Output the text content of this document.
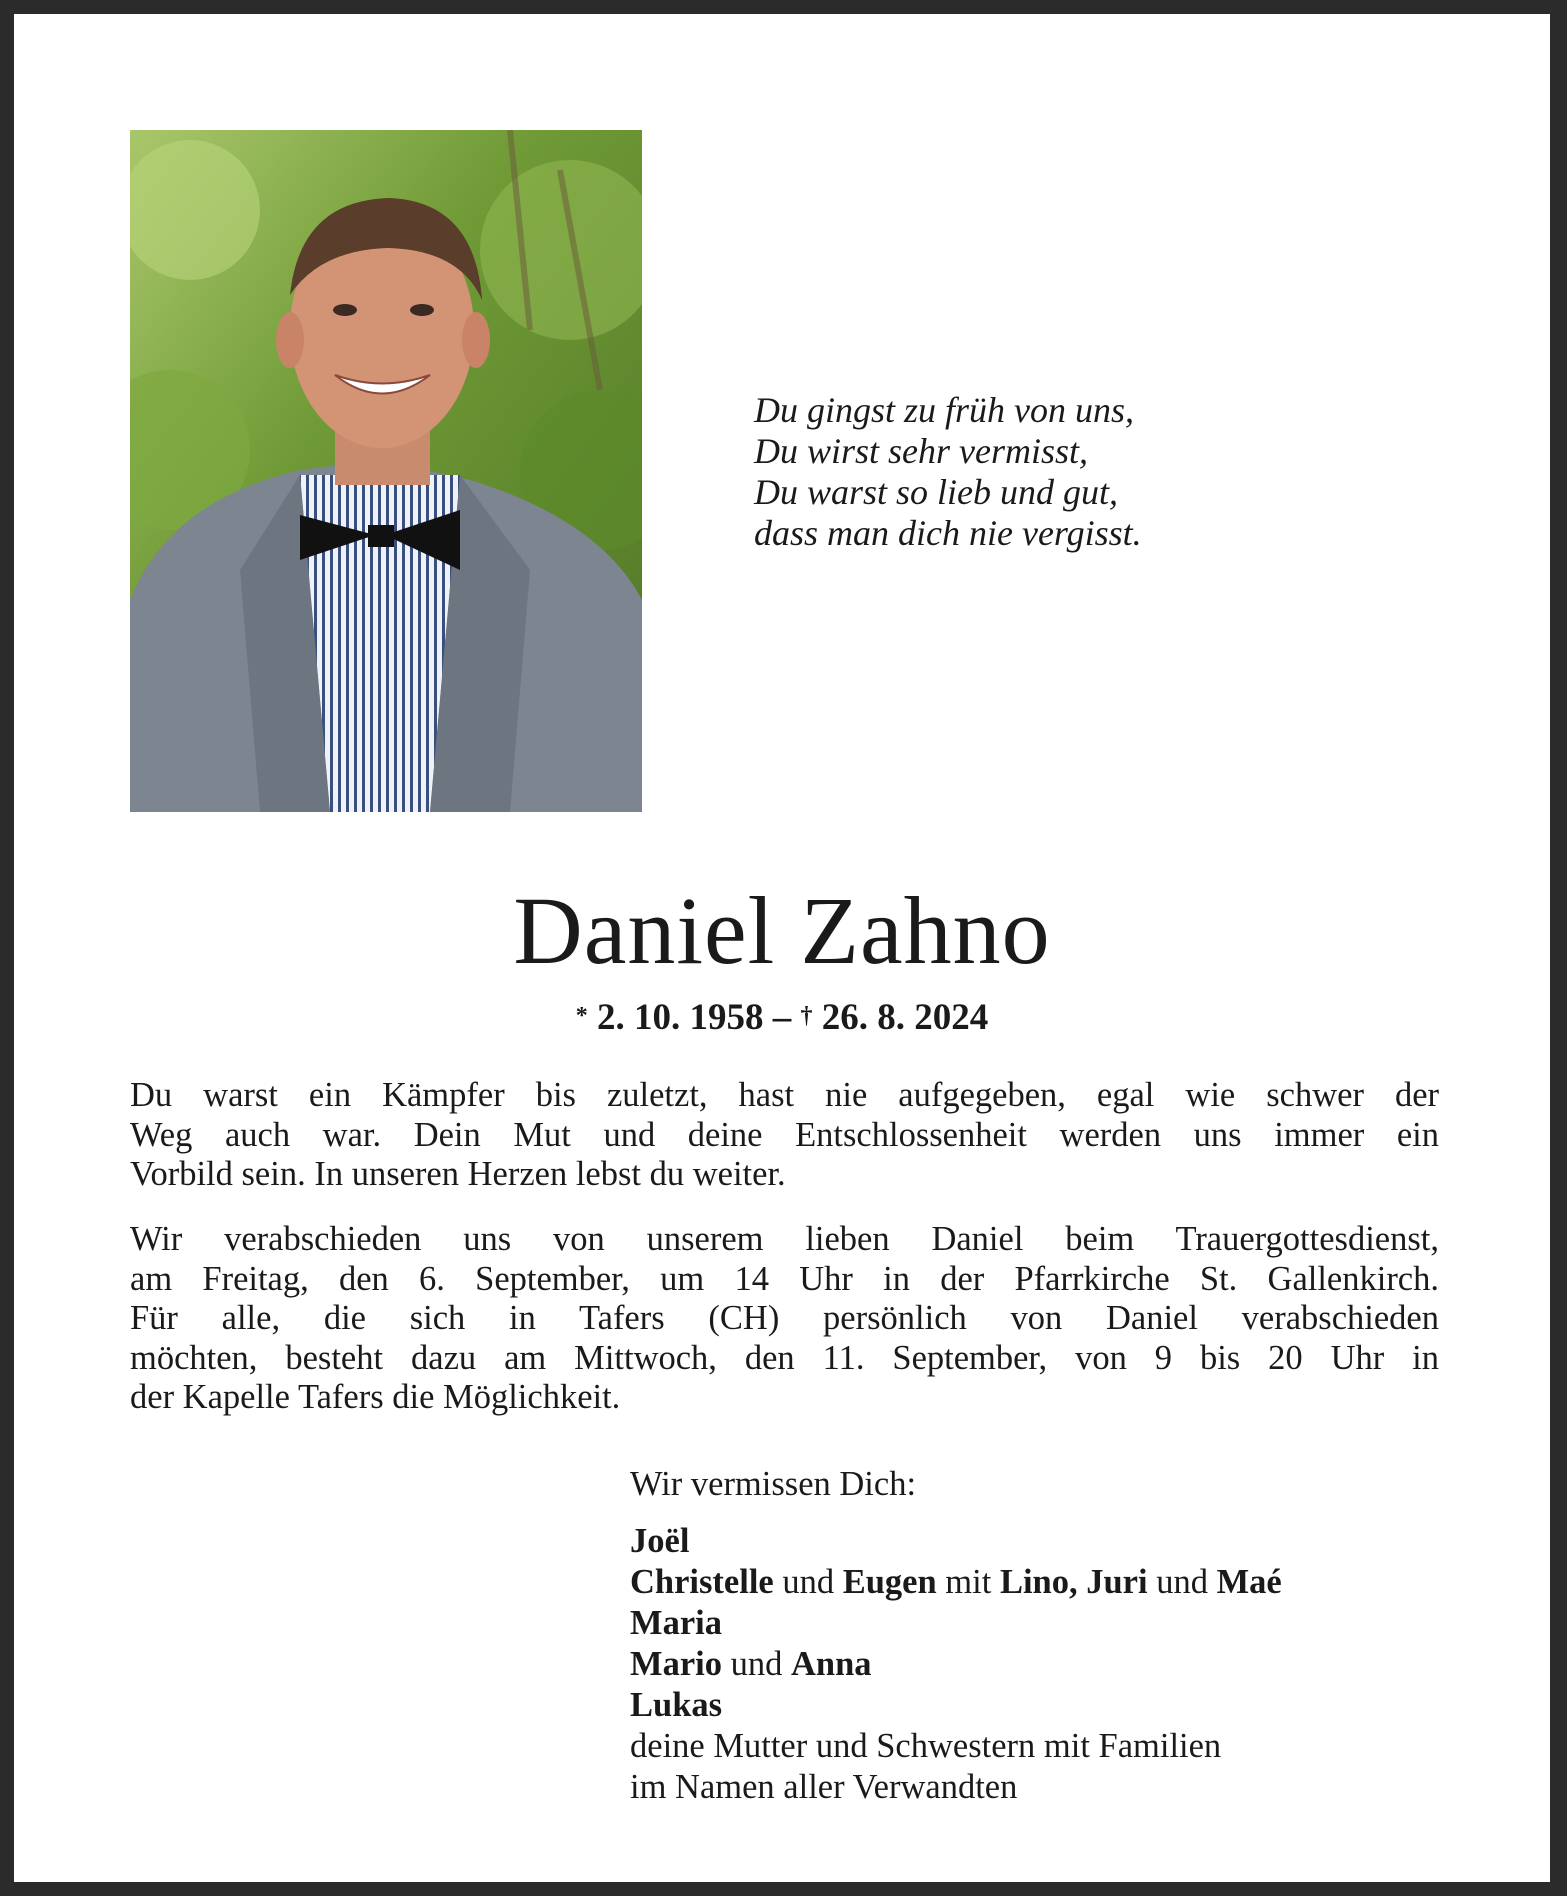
Du gingst zu früh von uns,
Du wirst sehr vermisst,
Du warst so lieb und gut,
dass man dich nie vergisst.
Daniel Zahno
* 2. 10. 1958 – † 26. 8. 2024
Du warst ein Kämpfer bis zuletzt, hast nie aufgegeben, egal wie schwer der
Weg auch war. Dein Mut und deine Entschlossenheit werden uns immer ein
Vorbild sein. In unseren Herzen lebst du weiter.
Wir verabschieden uns von unserem lieben Daniel beim Trauergottesdienst,
am Freitag, den 6. September, um 14 Uhr in der Pfarrkirche St. Gallenkirch.
Für alle, die sich in Tafers (CH) persönlich von Daniel verabschieden
möchten, besteht dazu am Mittwoch, den 11. September, von 9 bis 20 Uhr in
der Kapelle Tafers die Möglichkeit.
Wir vermissen Dich:
Joël
Christelle und Eugen mit Lino, Juri und Maé
Maria
Mario und Anna
Lukas
deine Mutter und Schwestern mit Familien
im Namen aller Verwandten
